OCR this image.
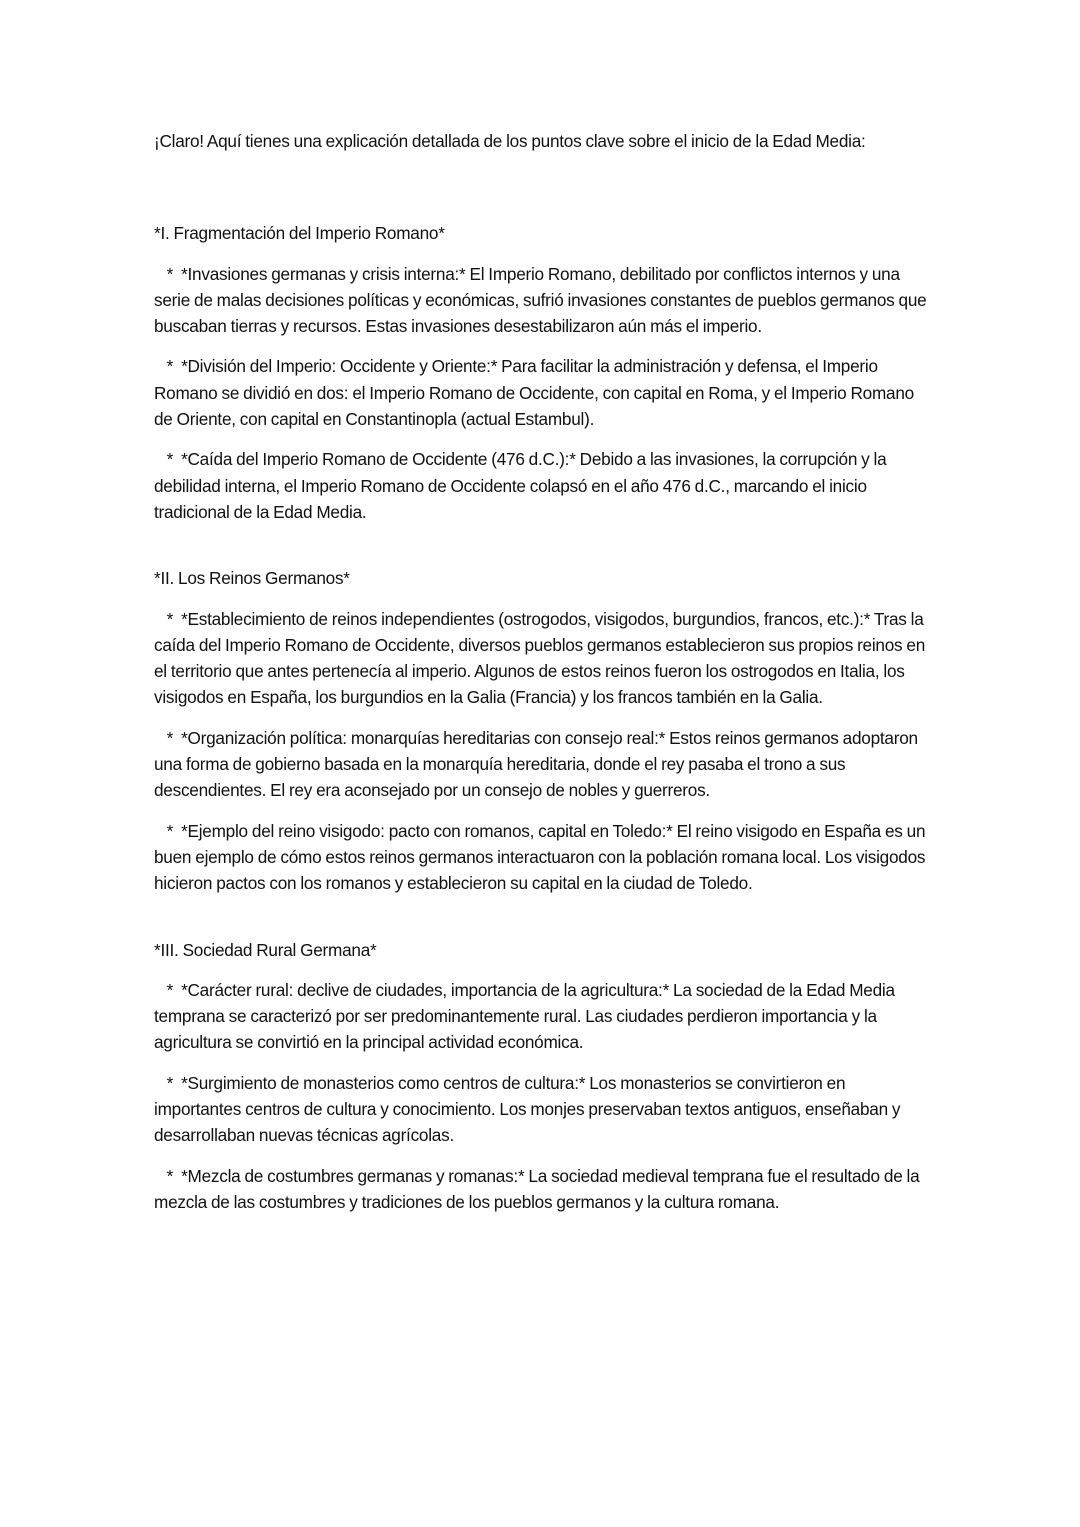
¡Claro! Aquí tienes una explicación detallada de los puntos clave sobre el inicio de la Edad Media:

*I. Fragmentación del Imperio Romano*

*  *Invasiones germanas y crisis interna:* El Imperio Romano, debilitado por conflictos internos y una serie de malas decisiones políticas y económicas, sufrió invasiones constantes de pueblos germanos que buscaban tierras y recursos. Estas invasiones desestabilizaron aún más el imperio.

*  *División del Imperio: Occidente y Oriente:* Para facilitar la administración y defensa, el Imperio Romano se dividió en dos: el Imperio Romano de Occidente, con capital en Roma, y el Imperio Romano de Oriente, con capital en Constantinopla (actual Estambul).

*  *Caída del Imperio Romano de Occidente (476 d.C.):* Debido a las invasiones, la corrupción y la debilidad interna, el Imperio Romano de Occidente colapsó en el año 476 d.C., marcando el inicio tradicional de la Edad Media.

*II. Los Reinos Germanos*

*  *Establecimiento de reinos independientes (ostrogodos, visigodos, burgundios, francos, etc.):* Tras la caída del Imperio Romano de Occidente, diversos pueblos germanos establecieron sus propios reinos en el territorio que antes pertenecía al imperio. Algunos de estos reinos fueron los ostrogodos en Italia, los visigodos en España, los burgundios en la Galia (Francia) y los francos también en la Galia.

*  *Organización política: monarquías hereditarias con consejo real:* Estos reinos germanos adoptaron una forma de gobierno basada en la monarquía hereditaria, donde el rey pasaba el trono a sus descendientes. El rey era aconsejado por un consejo de nobles y guerreros.

*  *Ejemplo del reino visigodo: pacto con romanos, capital en Toledo:* El reino visigodo en España es un buen ejemplo de cómo estos reinos germanos interactuaron con la población romana local. Los visigodos hicieron pactos con los romanos y establecieron su capital en la ciudad de Toledo.

*III. Sociedad Rural Germana*

*  *Carácter rural: declive de ciudades, importancia de la agricultura:* La sociedad de la Edad Media temprana se caracterizó por ser predominantemente rural. Las ciudades perdieron importancia y la agricultura se convirtió en la principal actividad económica.

*  *Surgimiento de monasterios como centros de cultura:* Los monasterios se convirtieron en importantes centros de cultura y conocimiento. Los monjes preservaban textos antiguos, enseñaban y desarrollaban nuevas técnicas agrícolas.

*  *Mezcla de costumbres germanas y romanas:* La sociedad medieval temprana fue el resultado de la mezcla de las costumbres y tradiciones de los pueblos germanos y la cultura romana.
